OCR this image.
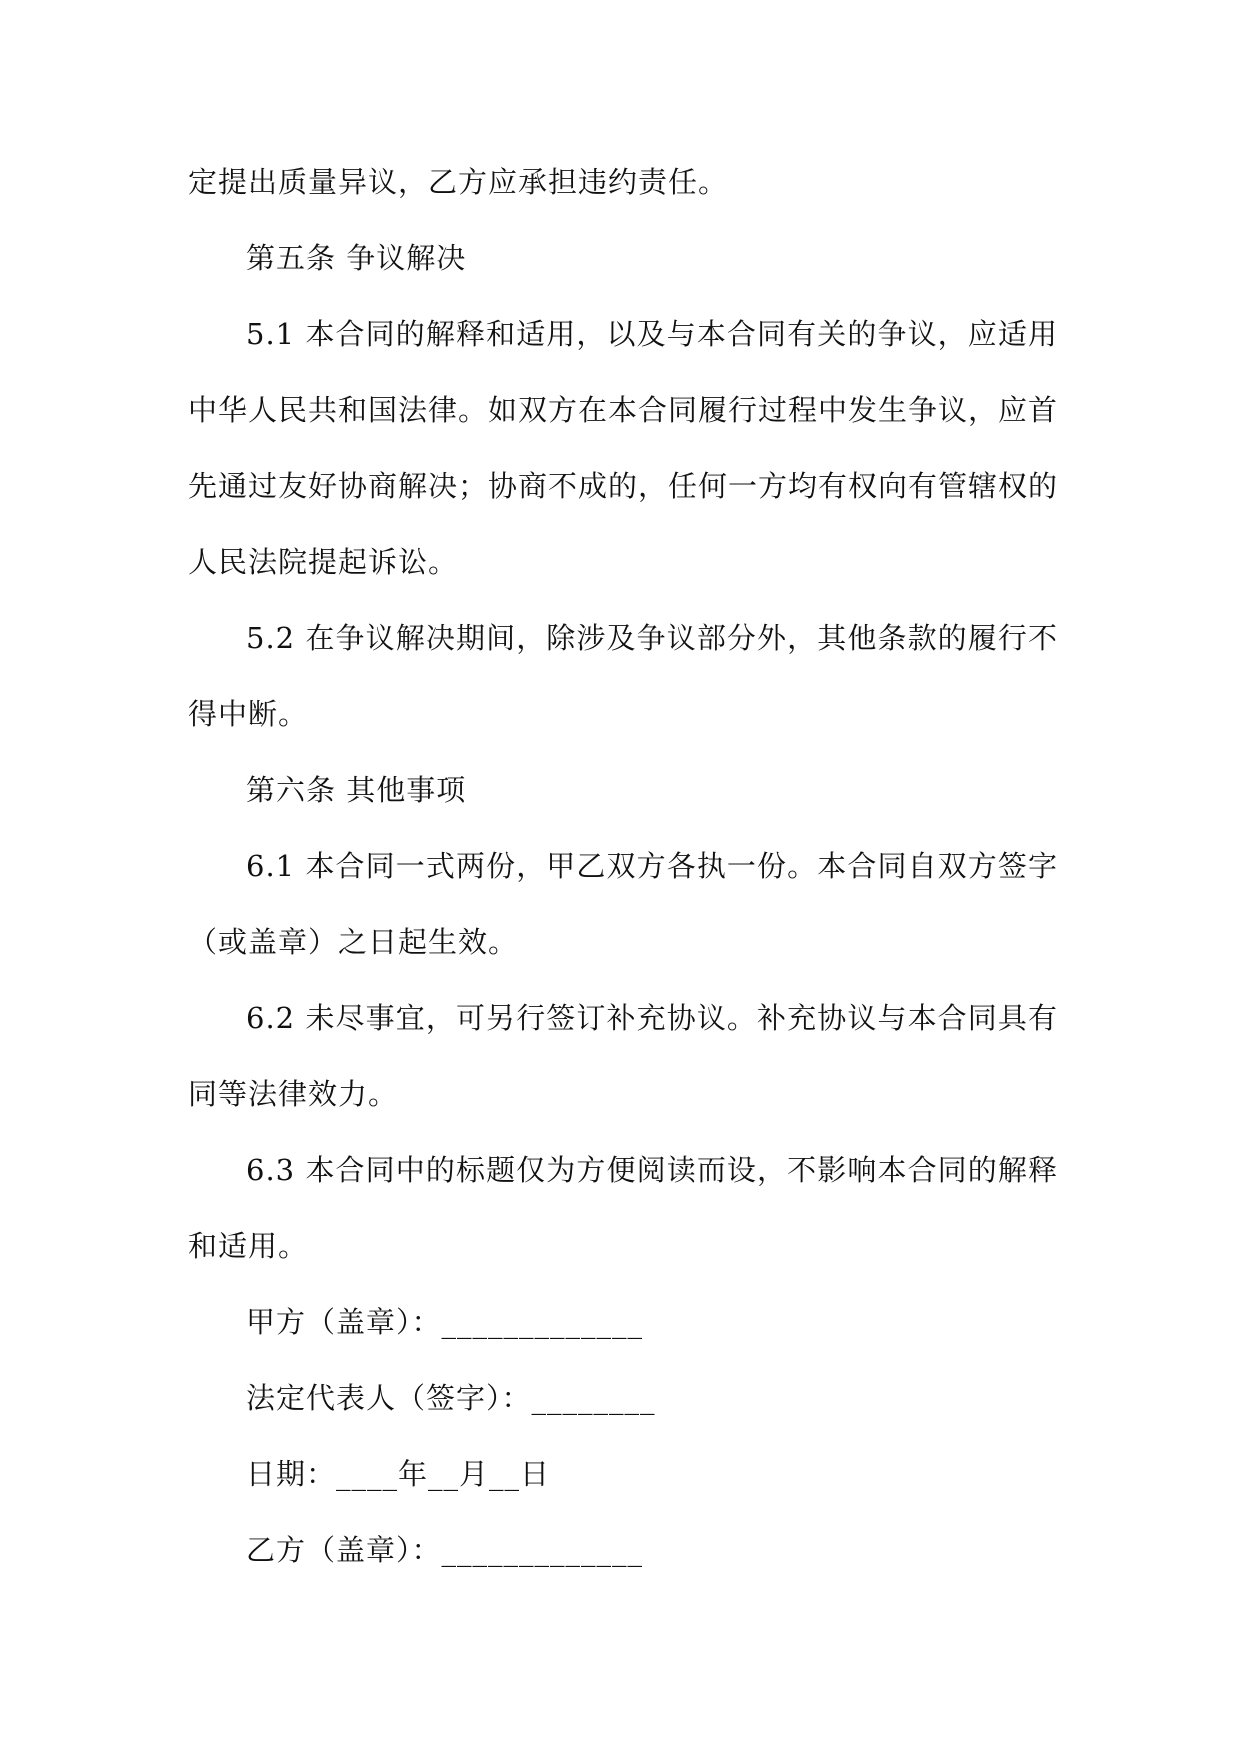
定提出质量异议，乙方应承担违约责任。

第五条 争议解决

5.1 本合同的解释和适用，以及与本合同有关的争议，应适用中华人民共和国法律。如双方在本合同履行过程中发生争议，应首先通过友好协商解决；协商不成的，任何一方均有权向有管辖权的人民法院提起诉讼。

5.2 在争议解决期间，除涉及争议部分外，其他条款的履行不得中断。

第六条 其他事项

6.1 本合同一式两份，甲乙双方各执一份。本合同自双方签字（或盖章）之日起生效。

6.2 未尽事宜，可另行签订补充协议。补充协议与本合同具有同等法律效力。

6.3 本合同中的标题仅为方便阅读而设，不影响本合同的解释和适用。

甲方（盖章）：_____________

法定代表人（签字）：________

日期：____年__月__日

乙方（盖章）：_____________
